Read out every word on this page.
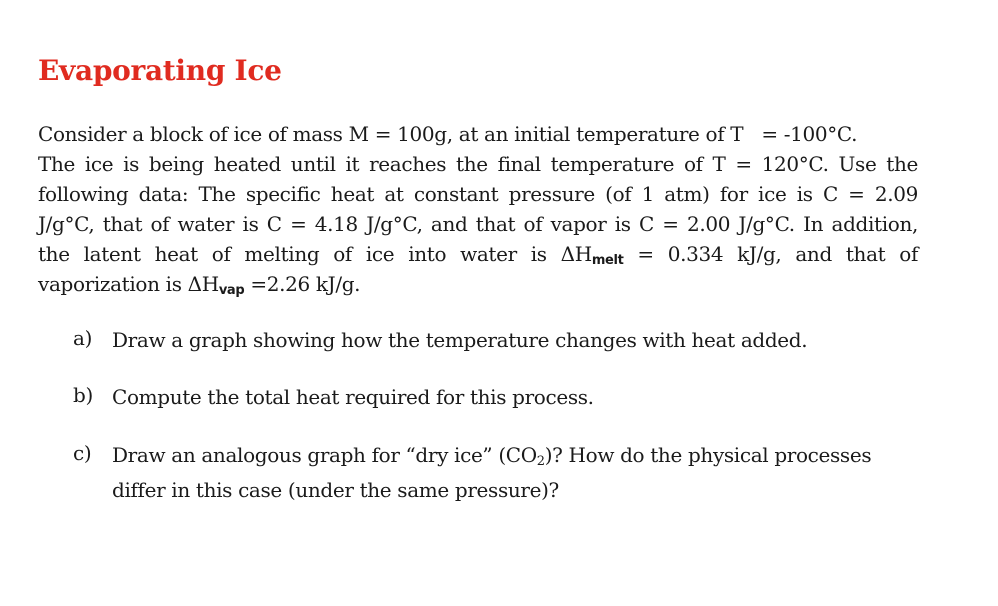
Evaporating Ice
Consider a block of ice of mass M = 100g, at an initial temperature of T = -100°C.
The ice is being heated until it reaches the final temperature of T = 120°C. Use the
following data: The specific heat at constant pressure (of 1 atm) for ice is C = 2.09
J/g°C, that of water is C = 4.18 J/g°C, and that of vapor is C = 2.00 J/g°C. In addition,
the latent heat of melting of ice into water is $\Delta H_{melt} = 0.334$ kJ/g, and that of
vaporization is $\Delta H_{vap} =2.26$ kJ/g.
a) Draw a graph showing how the temperature changes with heat added.
b) Compute the total heat required for this process.
c)	Draw an analogous graph for “dry ice” (CO2)? How do the physical processes
differ in this case (under the same pressure)?
